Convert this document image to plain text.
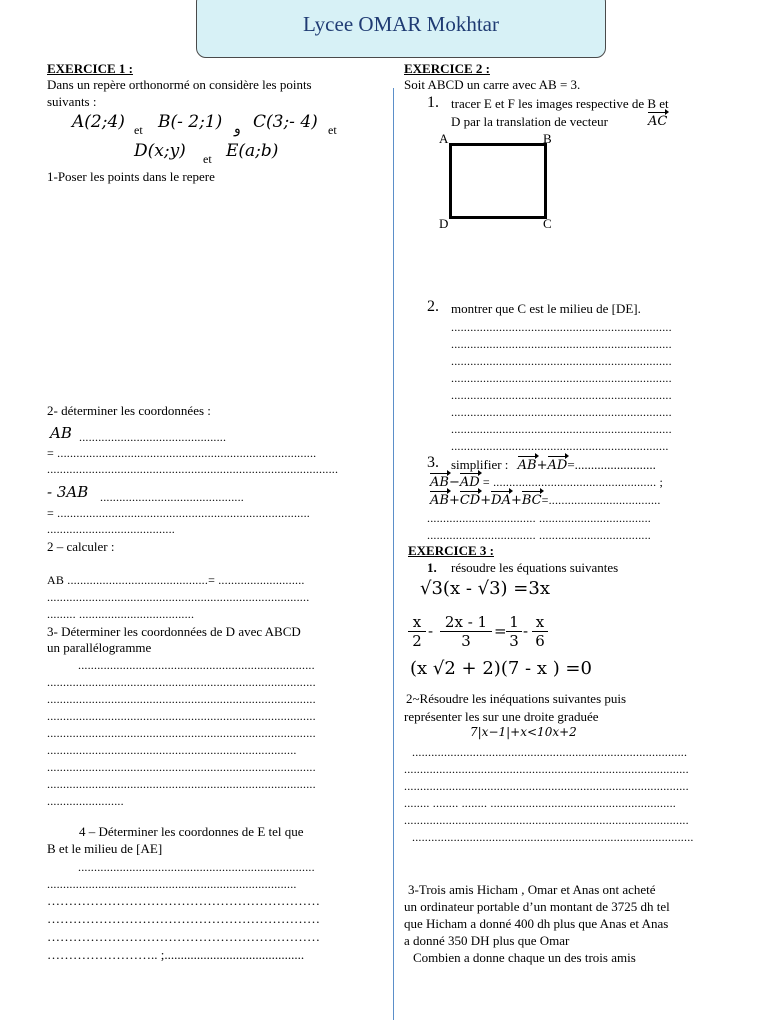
Lycee OMAR Mokhtar
EXERCICE 1 :
Dans un repère orthonormé on considère les points
suivants :
A(2;4) et B(- 2;1) و C(3;- 4) et
D(x;y) et E(a;b)
1-Poser les points dans le repere
2- déterminer les coordonnées :
AB ..............................................
= .................................................................................
...........................................................................................
- 3AB .............................................
= ...............................................................................
........................................
2 – calculer :
AB ............................................= ...........................
..................................................................................
......... ....................................
3- Déterminer les coordonnées de D avec ABCD
un parallélogramme
..........................................................................
....................................................................................
....................................................................................
....................................................................................
....................................................................................
..............................................................................
....................................................................................
....................................................................................
........................
4 – Déterminer les coordonnes de E tel que
B et le milieu de [AE]
..........................................................................
..............................................................................
………………………………………………………
………………………………………………………
………………………………………………………
…………………….. ;...........................................
EXERCICE 2 :
Soit ABCD un carre avec AB = 3.
1. tracer E et F les images respective de B et
D par la translation de vecteur	AC
A	B
D	C
2. montrer que C est le milieu de [DE].
.....................................................................
.....................................................................
.....................................................................
.....................................................................
.....................................................................
.....................................................................
.....................................................................
....................................................................
3. simplifier : AB+AD=.........................
AB−AD = ................................................... ;
AB+CD+DA+BC=...................................
.................................. ...................................
.................................. ...................................
EXERCICE 3 :
1. résoudre les équations suivantes
√3(x - √3) =3x
$\frac{x}{2} - \frac{2x - 1}{3} = \frac{1}{3} - \frac{x}{6}$
(x √2 + 2)(7 - x ) =0
2~Résoudre les inéquations suivantes puis
représenter les sur une droite graduée
7|x−1|+x<10x+2
......................................................................................
.........................................................................................
.........................................................................................
........ ........ ........ ..........................................................
.........................................................................................
........................................................................................
3-Trois amis Hicham , Omar et Anas ont acheté
un ordinateur portable d’un montant de 3725 dh tel
que Hicham a donné 400 dh plus que Anas et Anas
a donné 350 DH plus que Omar
Combien a donne chaque un des trois amis
